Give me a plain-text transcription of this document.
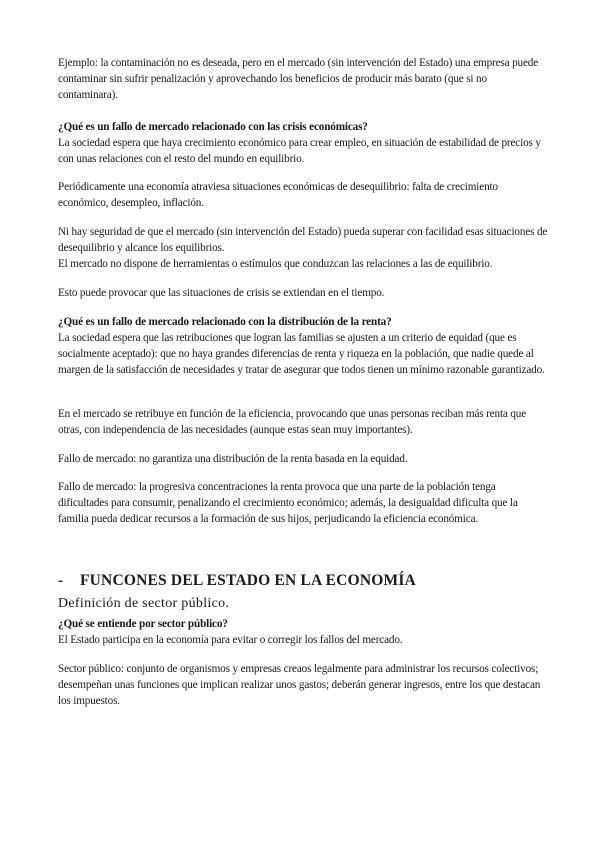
Ejemplo: la contaminación no es deseada, pero en el mercado (sin intervención del Estado) una empresa puede contaminar sin sufrir penalización y aprovechando los beneficios de producir más barato (que si no contaminara).

¿Qué es un fallo de mercado relacionado con las crisis económicas?

La sociedad espera que haya crecimiento económico para crear empleo, en situación de estabilidad de precios y con unas relaciones con el resto del mundo en equilibrio.

Periódicamente una economía atraviesa situaciones económicas de desequilibrio: falta de crecimiento económico, desempleo, inflación.

Ni hay seguridad de que el mercado (sin intervención del Estado) pueda superar con facilidad esas situaciones de desequilibrio y alcance los equilibrios.

El mercado no dispone de herramientas o estímulos que conduzcan las relaciones a las de equilibrio.

Esto puede provocar que las situaciones de crisis se extiendan en el tiempo.

¿Qué es un fallo de mercado relacionado con la distribución de la renta?

La sociedad espera que las retribuciones que logran las familias se ajusten a un criterio de equidad (que es socialmente aceptado): que no haya grandes diferencias de renta y riqueza en la población, que nadie quede al margen de la satisfacción de necesidades y tratar de asegurar que todos tienen un mínimo razonable garantizado.

En el mercado se retribuye en función de la eficiencia, provocando que unas personas reciban más renta que otras, con independencia de las necesidades (aunque estas sean muy importantes).

Fallo de mercado: no garantiza una distribución de la renta basada en la equidad.

Fallo de mercado: la progresiva concentraciones la renta provoca que una parte de la población tenga dificultades para consumir, penalizando el crecimiento económico; además, la desigualdad dificulta que la familia pueda dedicar recursos a la formación de sus hijos, perjudicando la eficiencia económica.

- FUNCONES DEL ESTADO EN LA ECONOMÍA
Definición de sector público.

¿Qué se entiende por sector público?

El Estado participa en la economía para evitar o corregir los fallos del mercado.

Sector público: conjunto de organismos y empresas creaos legalmente para administrar los recursos colectivos; desempeñan unas funciones que implican realizar unos gastos; deberán generar ingresos, entre los que destacan los impuestos.
